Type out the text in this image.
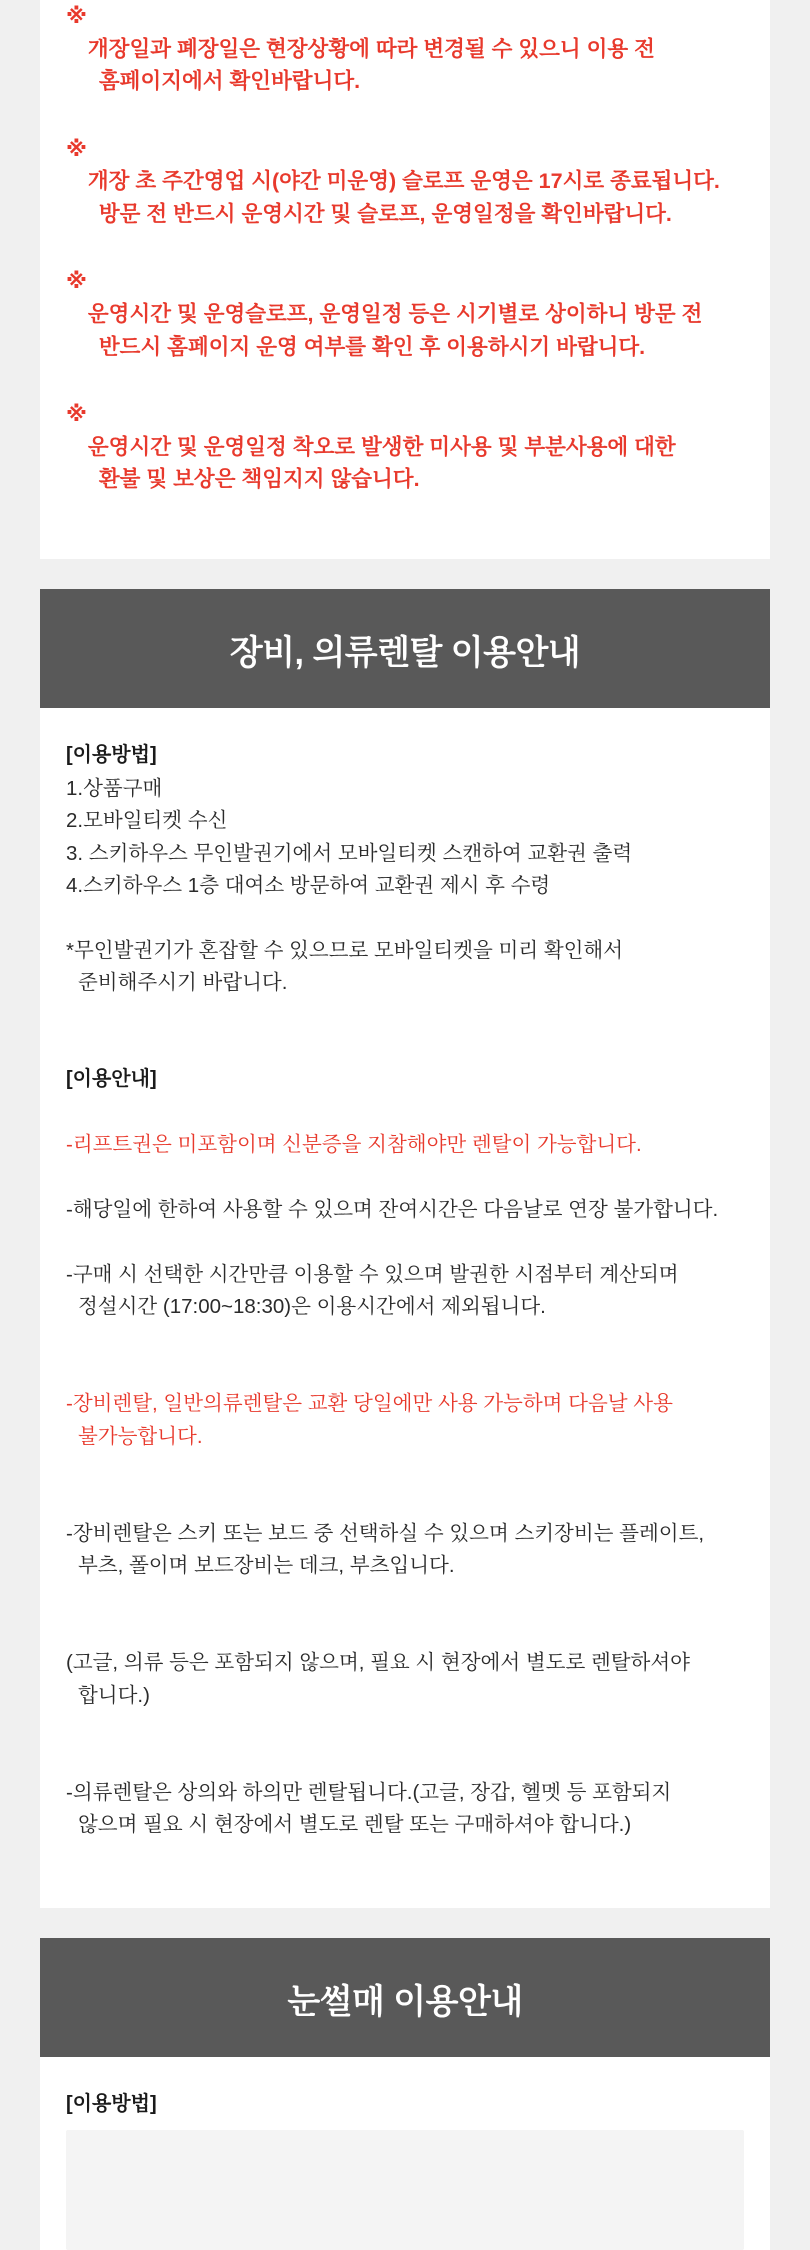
※

개장일과 폐장일은 현장상황에 따라 변경될 수 있으니 이용 전

홈페이지에서 확인바랍니다.

※

개장 초 주간영업 시(야간 미운영) 슬로프 운영은 17시로 종료됩니다.

방문 전 반드시 운영시간 및 슬로프, 운영일정을 확인바랍니다.

※

운영시간 및 운영슬로프, 운영일정 등은 시기별로 상이하니 방문 전

반드시 홈페이지 운영 여부를 확인 후 이용하시기 바랍니다.

※

운영시간 및 운영일정 착오로 발생한 미사용 및 부분사용에 대한

환불 및 보상은 책임지지 않습니다.

장비, 의류렌탈 이용안내
[이용방법]
1.상품구매
2.모바일티켓 수신
3. 스키하우스 무인발권기에서 모바일티켓 스캔하여 교환권 출력
4.스키하우스 1층 대여소 방문하여 교환권 제시 후 수령

*무인발권기가 혼잡할 수 있으므로 모바일티켓을 미리 확인해서

준비해주시기 바랍니다.

[이용안내]

-리프트권은 미포함이며 신분증을 지참해야만 렌탈이 가능합니다.

-해당일에 한하여 사용할 수 있으며 잔여시간은 다음날로 연장 불가합니다.

-구매 시 선택한 시간만큼 이용할 수 있으며 발권한 시점부터 계산되며

정설시간 (17:00~18:30)은 이용시간에서 제외됩니다.

-장비렌탈, 일반의류렌탈은 교환 당일에만 사용 가능하며 다음날 사용

불가능합니다.

-장비렌탈은 스키 또는 보드 중 선택하실 수 있으며 스키장비는 플레이트,

부츠, 폴이며 보드장비는 데크, 부츠입니다.

(고글, 의류 등은 포함되지 않으며, 필요 시 현장에서 별도로 렌탈하셔야

합니다.)

-의류렌탈은 상의와 하의만 렌탈됩니다.(고글, 장갑, 헬멧 등 포함되지

않으며 필요 시 현장에서 별도로 렌탈 또는 구매하셔야 합니다.)

눈썰매 이용안내
[이용방법]
